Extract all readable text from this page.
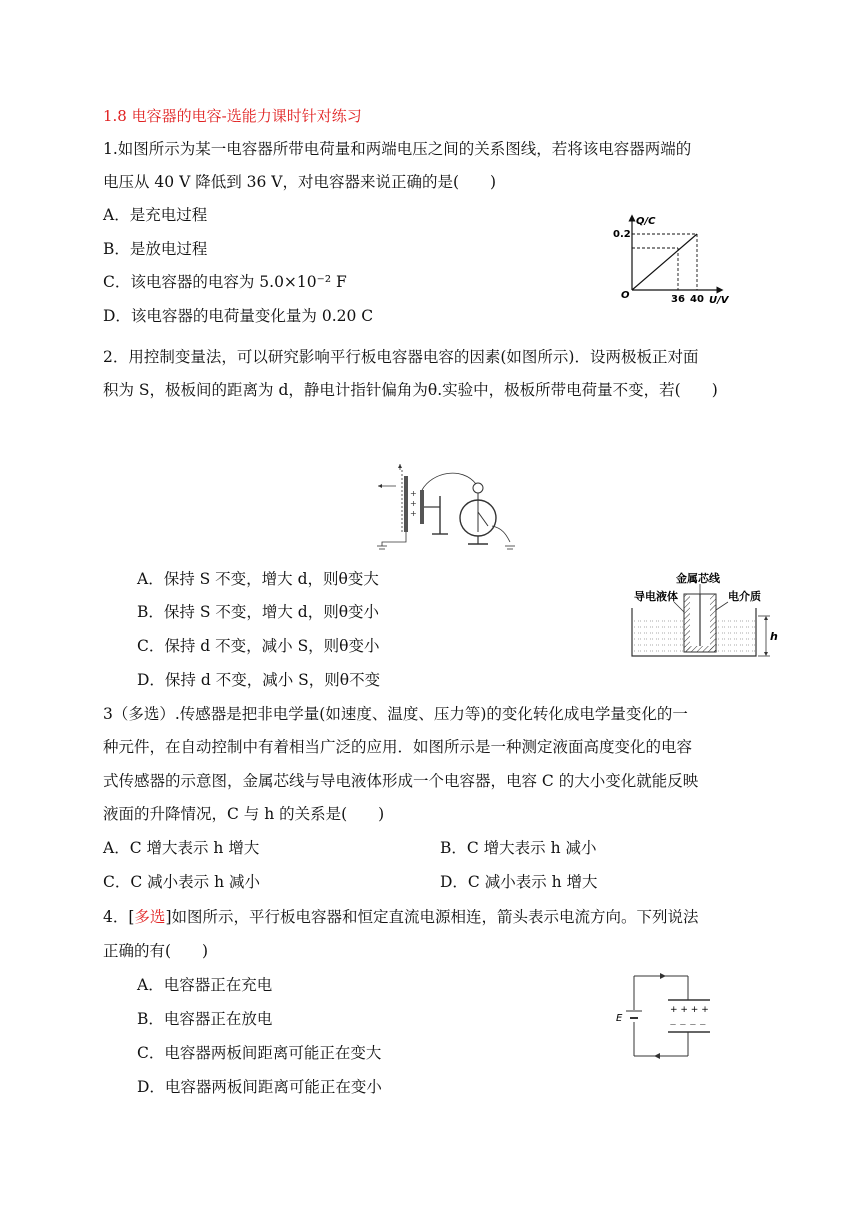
1.8 电容器的电容-选能力课时针对练习
1.如图所示为某一电容器所带电荷量和两端电压之间的关系图线，若将该电容器两端的
电压从 40 V 降低到 36 V，对电容器来说正确的是(　　)
A．是充电过程
B．是放电过程
C．该电容器的电容为 5.0×10⁻² F
D．该电容器的电荷量变化量为 0.20 C
Q/C
0.2
O	36 40 U/V
2．用控制变量法，可以研究影响平行板电容器电容的因素(如图所示)．设两极板正对面
积为 S，极板间的距离为 d，静电计指针偏角为θ.实验中，极板所带电荷量不变，若(　　)
+
+
+
A．保持 S 不变，增大 d，则θ变大
B．保持 S 不变，增大 d，则θ变小
C．保持 d 不变，减小 S，则θ变小
D．保持 d 不变，减小 S，则θ不变
金属芯线
导电液体	电介质
h
3（多选）.传感器是把非电学量(如速度、温度、压力等)的变化转化成电学量变化的一
种元件，在自动控制中有着相当广泛的应用．如图所示是一种测定液面高度变化的电容
式传感器的示意图，金属芯线与导电液体形成一个电容器，电容 C 的大小变化就能反映
液面的升降情况，C 与 h 的关系是(　　)
A．C 增大表示 h 增大	B．C 增大表示 h 减小
C．C 减小表示 h 减小	D．C 减小表示 h 增大
4．[多选]如图所示，平行板电容器和恒定直流电源相连，箭头表示电流方向。下列说法
正确的有(　　)
A．电容器正在充电
B．电容器正在放电
C．电容器两板间距离可能正在变大
D．电容器两板间距离可能正在变小
E
+ + + +
— — — —
